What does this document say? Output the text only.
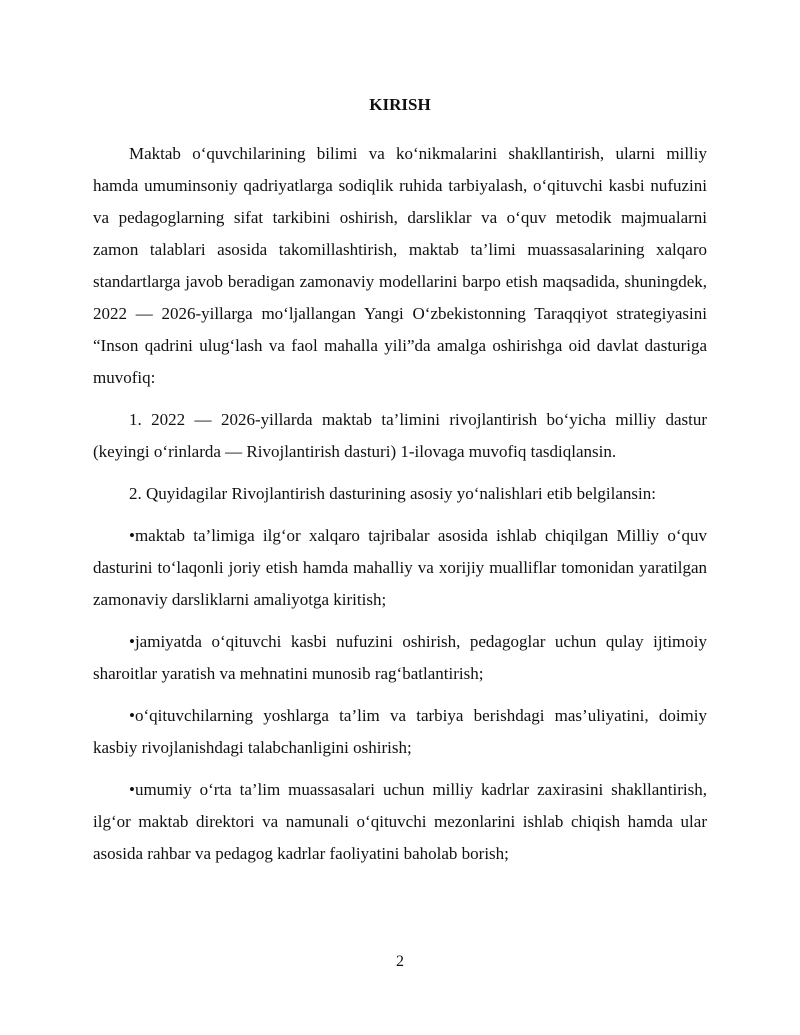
KIRISH

Maktab o‘quvchilarining bilimi va ko‘nikmalarini shakllantirish, ularni milliy hamda umuminsoniy qadriyatlarga sodiqlik ruhida tarbiyalash, o‘qituvchi kasbi nufuzini va pedagoglarning sifat tarkibini oshirish, darsliklar va o‘quv metodik majmualarni zamon talablari asosida takomillashtirish, maktab ta’limi muassasalarining xalqaro standartlarga javob beradigan zamonaviy modellarini barpo etish maqsadida, shuningdek, 2022 — 2026-yillarga mo‘ljallangan Yangi O‘zbekistonning Taraqqiyot strategiyasini “Inson qadrini ulug‘lash va faol mahalla yili”da amalga oshirishga oid davlat dasturiga muvofiq:

1. 2022 — 2026-yillarda maktab ta’limini rivojlantirish bo‘yicha milliy dastur (keyingi o‘rinlarda — Rivojlantirish dasturi) 1-ilovaga muvofiq tasdiqlansin.

2. Quyidagilar Rivojlantirish dasturining asosiy yo‘nalishlari etib belgilansin:

•maktab ta’limiga ilg‘or xalqaro tajribalar asosida ishlab chiqilgan Milliy o‘quv dasturini to‘laqonli joriy etish hamda mahalliy va xorijiy mualliflar tomonidan yaratilgan zamonaviy darsliklarni amaliyotga kiritish;

•jamiyatda o‘qituvchi kasbi nufuzini oshirish, pedagoglar uchun qulay ijtimoiy sharoitlar yaratish va mehnatini munosib rag‘batlantirish;

•o‘qituvchilarning yoshlarga ta’lim va tarbiya berishdagi mas’uliyatini, doimiy kasbiy rivojlanishdagi talabchanligini oshirish;

•umumiy o‘rta ta’lim muassasalari uchun milliy kadrlar zaxirasini shakllantirish, ilg‘or maktab direktori va namunali o‘qituvchi mezonlarini ishlab chiqish hamda ular asosida rahbar va pedagog kadrlar faoliyatini baholab borish;

2
